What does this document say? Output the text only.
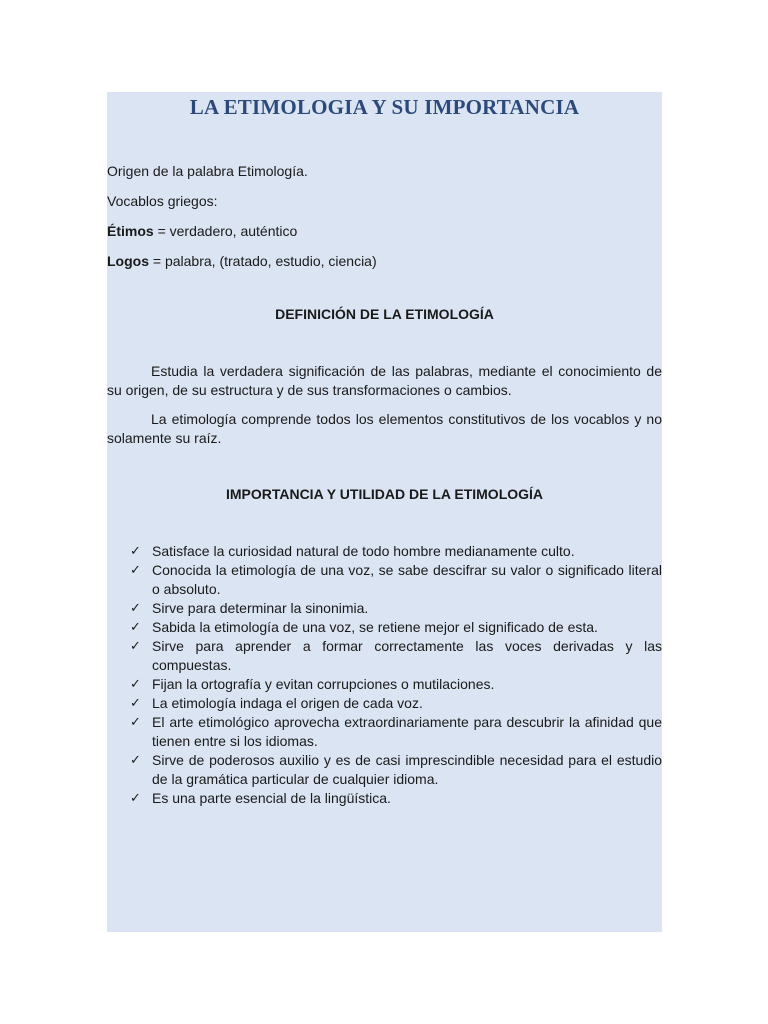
LA ETIMOLOGIA Y SU IMPORTANCIA

Origen de la palabra Etimología.

Vocablos griegos:

Étimos = verdadero, auténtico

Logos = palabra, (tratado, estudio, ciencia)

DEFINICIÓN DE LA ETIMOLOGÍA

Estudia la verdadera significación de las palabras, mediante el conocimiento de su origen, de su estructura y de sus transformaciones o cambios.

La etimología comprende todos los elementos constitutivos de los vocablos y no solamente su raíz.

IMPORTANCIA Y UTILIDAD DE LA ETIMOLOGÍA
✓ Satisface la curiosidad natural de todo hombre medianamente culto.
✓ Conocida la etimología de una voz, se sabe descifrar su valor o significado literal o absoluto.
✓ Sirve para determinar la sinonimia.
✓ Sabida la etimología de una voz, se retiene mejor el significado de esta.
✓ Sirve para aprender a formar correctamente las voces derivadas y las compuestas.
✓ Fijan la ortografía y evitan corrupciones o mutilaciones.
✓ La etimología indaga el origen de cada voz.
✓ El arte etimológico aprovecha extraordinariamente para descubrir la afinidad que tienen entre si los idiomas.
✓ Sirve de poderosos auxilio y es de casi imprescindible necesidad para el estudio de la gramática particular de cualquier idioma.
✓ Es una parte esencial de la lingüística.
